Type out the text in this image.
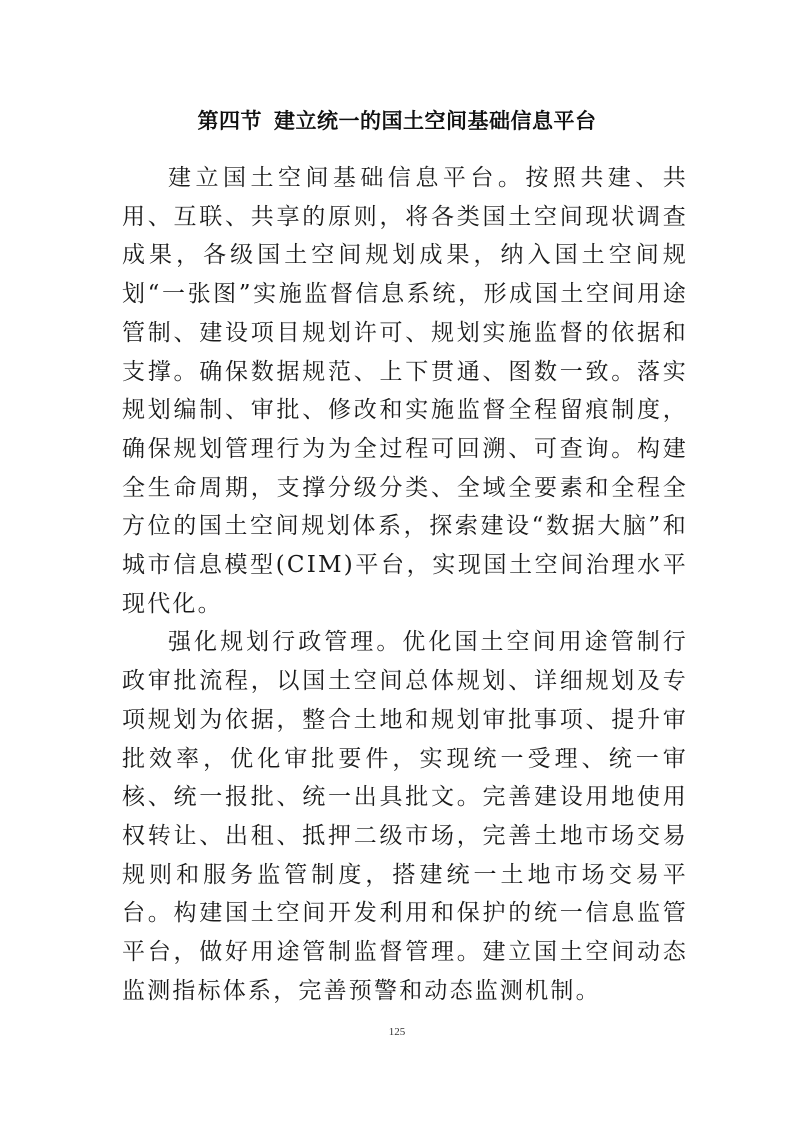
第四节 建立统一的国土空间基础信息平台

建立国土空间基础信息平台。按照共建、共用、互联、共享的原则，将各类国土空间现状调查成果，各级国土空间规划成果，纳入国土空间规划“一张图”实施监督信息系统，形成国土空间用途管制、建设项目规划许可、规划实施监督的依据和支撑。确保数据规范、上下贯通、图数一致。落实规划编制、审批、修改和实施监督全程留痕制度，确保规划管理行为为全过程可回溯、可查询。构建全生命周期，支撑分级分类、全域全要素和全程全方位的国土空间规划体系，探索建设“数据大脑”和城市信息模型(CIM)平台，实现国土空间治理水平现代化。

强化规划行政管理。优化国土空间用途管制行政审批流程，以国土空间总体规划、详细规划及专项规划为依据，整合土地和规划审批事项、提升审批效率，优化审批要件，实现统一受理、统一审核、统一报批、统一出具批文。完善建设用地使用权转让、出租、抵押二级市场，完善土地市场交易规则和服务监管制度，搭建统一土地市场交易平台。构建国土空间开发利用和保护的统一信息监管平台，做好用途管制监督管理。建立国土空间动态监测指标体系，完善预警和动态监测机制。

125
